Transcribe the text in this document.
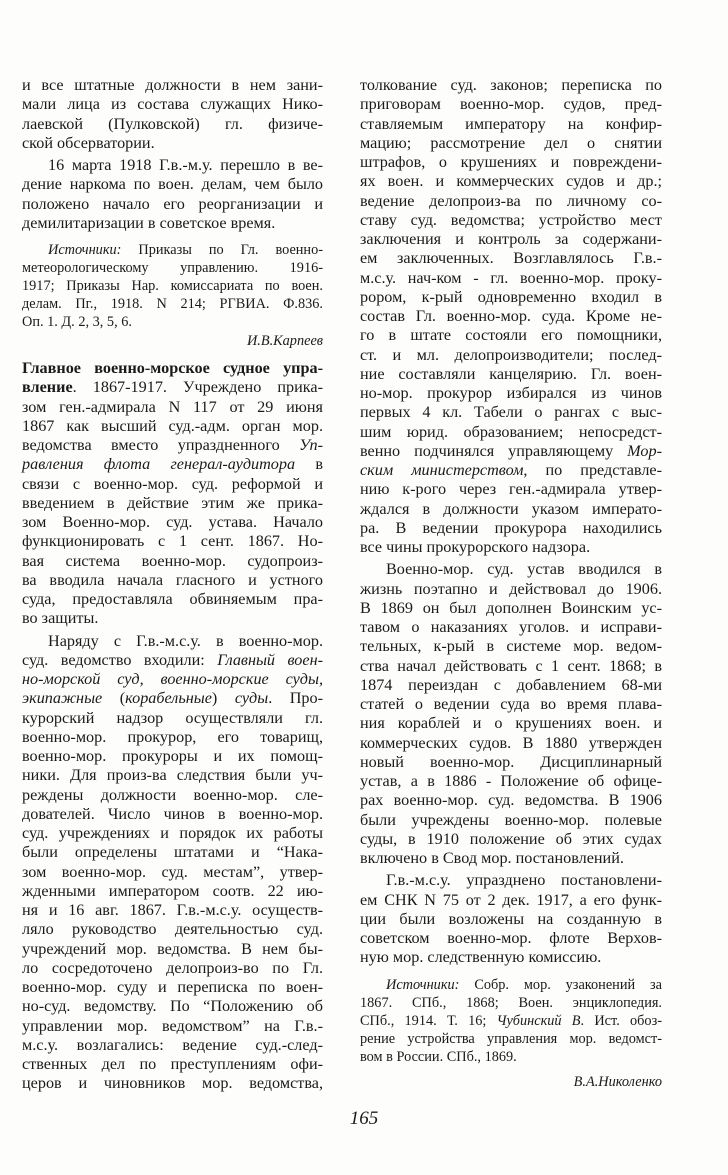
и все штатные должности в нем зани-
мали лица из состава служащих Нико-
лаевской (Пулковской) гл. физиче-
ской обсерватории.
16 марта 1918 Г.в.-м.у. перешло в ве-
дение наркома по воен. делам, чем было
положено начало его реорганизации и
демилитаризации в советское время.
Источники: Приказы по Гл. военно-
метеорологическому управлению. 1916-
1917; Приказы Нар. комиссариата по воен.
делам. Пг., 1918. N 214; РГВИА. Ф.836.
Оп. 1. Д. 2, 3, 5, 6.
И.В.Карпеев
Главное военно-морское судное упра-
вление. 1867-1917. Учреждено прика-
зом ген.-адмирала N 117 от 29 июня
1867 как высший суд.-адм. орган мор.
ведомства вместо упраздненного Уп-
равления флота генерал-аудитора в
связи с военно-мор. суд. реформой и
введением в действие этим же прика-
зом Военно-мор. суд. устава. Начало
функционировать с 1 сент. 1867. Но-
вая система военно-мор. судопроиз-
ва вводила начала гласного и устного
суда, предоставляла обвиняемым пра-
во защиты.
Наряду с Г.в.-м.с.у. в военно-мор.
суд. ведомство входили: Главный воен-
но-морской суд, военно-морские суды,
экипажные (корабельные) суды. Про-
курорский надзор осуществляли гл.
военно-мор. прокурор, его товарищ,
военно-мор. прокуроры и их помощ-
ники. Для произ-ва следствия были уч-
реждены должности военно-мор. сле-
дователей. Число чинов в военно-мор.
суд. учреждениях и порядок их работы
были определены штатами и “Нака-
зом военно-мор. суд. местам”, утвер-
жденными императором соотв. 22 ию-
ня и 16 авг. 1867. Г.в.-м.с.у. осуществ-
ляло руководство деятельностью суд.
учреждений мор. ведомства. В нем бы-
ло сосредоточено делопроиз-во по Гл.
военно-мор. суду и переписка по воен-
но-суд. ведомству. По “Положению об
управлении мор. ведомством” на Г.в.-
м.с.у. возлагались: ведение суд.-след-
ственных дел по преступлениям офи-
церов и чиновников мор. ведомства,
толкование суд. законов; переписка по
приговорам военно-мор. судов, пред-
ставляемым императору на конфир-
мацию; рассмотрение дел о снятии
штрафов, о крушениях и повреждени-
ях воен. и коммерческих судов и др.;
ведение делопроиз-ва по личному со-
ставу суд. ведомства; устройство мест
заключения и контроль за содержани-
ем заключенных. Возглавлялось Г.в.-
м.с.у. нач-ком - гл. военно-мор. проку-
рором, к-рый одновременно входил в
состав Гл. военно-мор. суда. Кроме не-
го в штате состояли его помощники,
ст. и мл. делопроизводители; послед-
ние составляли канцелярию. Гл. воен-
но-мор. прокурор избирался из чинов
первых 4 кл. Табели о рангах с выс-
шим юрид. образованием; непосредст-
венно подчинялся управляющему Мор-
ским министерством, по представле-
нию к-рого через ген.-адмирала утвер-
ждался в должности указом императо-
ра. В ведении прокурора находились
все чины прокурорского надзора.
Военно-мор. суд. устав вводился в
жизнь поэтапно и действовал до 1906.
В 1869 он был дополнен Воинским ус-
тавом о наказаниях уголов. и исправи-
тельных, к-рый в системе мор. ведом-
ства начал действовать с 1 сент. 1868; в
1874 переиздан с добавлением 68-ми
статей о ведении суда во время плава-
ния кораблей и о крушениях воен. и
коммерческих судов. В 1880 утвержден
новый военно-мор. Дисциплинарный
устав, а в 1886 - Положение об офице-
рах военно-мор. суд. ведомства. В 1906
были учреждены военно-мор. полевые
суды, в 1910 положение об этих судах
включено в Свод мор. постановлений.
Г.в.-м.с.у. упразднено постановлени-
ем СНК N 75 от 2 дек. 1917, а его функ-
ции были возложены на созданную в
советском военно-мор. флоте Верхов-
ную мор. следственную комиссию.
Источники: Собр. мор. узаконений за
1867. СПб., 1868; Воен. энциклопедия.
СПб., 1914. Т. 16; Чубинский В. Ист. обоз-
рение устройства управления мор. ведомст-
вом в России. СПб., 1869.
В.А.Николенко
165
